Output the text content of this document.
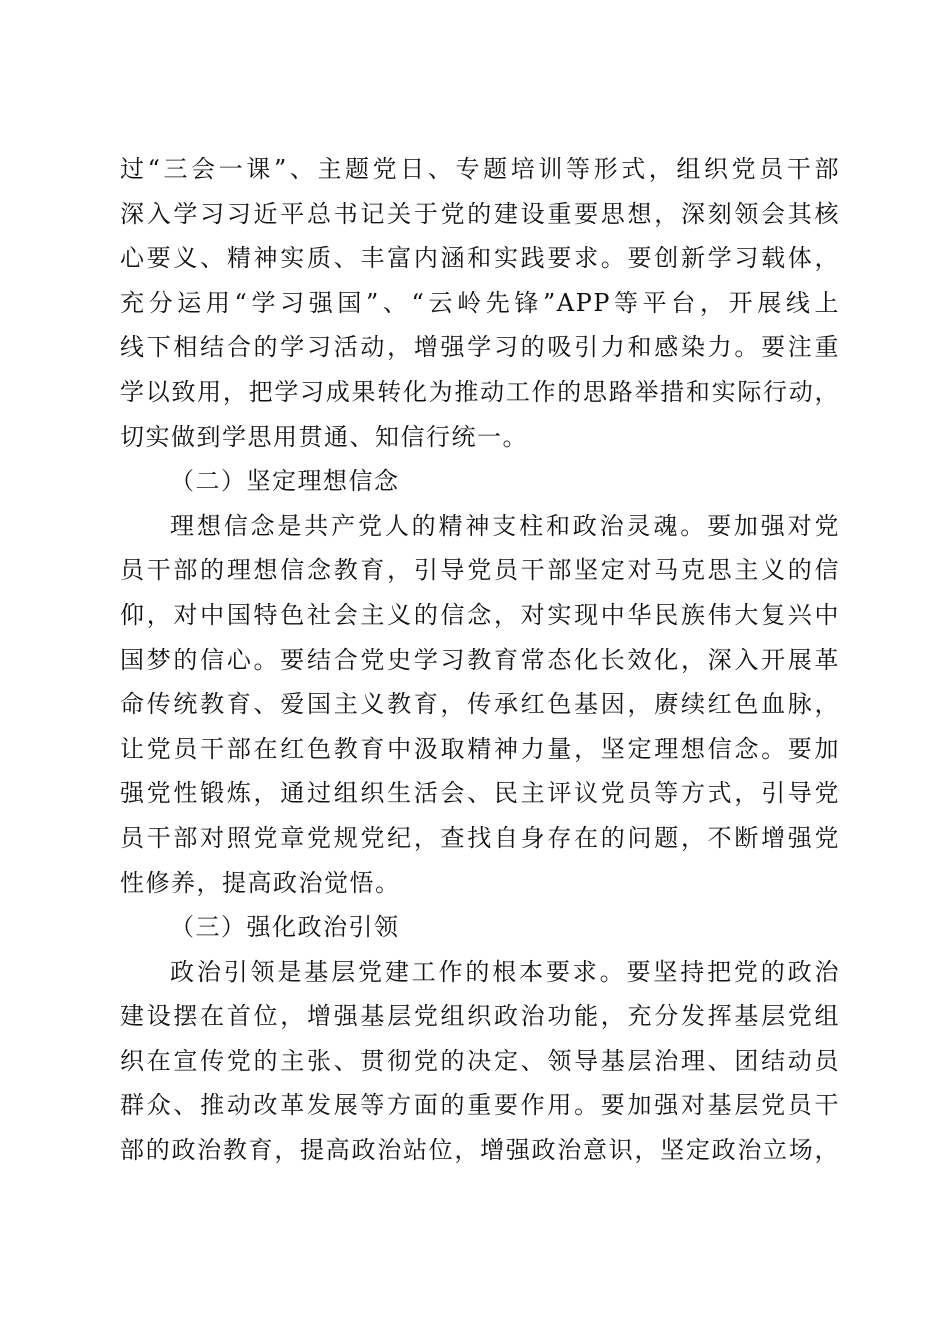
过“三会一课”、主题党日、专题培训等形式，组织党员干部
深入学习习近平总书记关于党的建设重要思想，深刻领会其核
心要义、精神实质、丰富内涵和实践要求。要创新学习载体，
充分运用“学习强国”、“云岭先锋”APP等平台，开展线上
线下相结合的学习活动，增强学习的吸引力和感染力。要注重
学以致用，把学习成果转化为推动工作的思路举措和实际行动，
切实做到学思用贯通、知信行统一。
（二）坚定理想信念
理想信念是共产党人的精神支柱和政治灵魂。要加强对党
员干部的理想信念教育，引导党员干部坚定对马克思主义的信
仰，对中国特色社会主义的信念，对实现中华民族伟大复兴中
国梦的信心。要结合党史学习教育常态化长效化，深入开展革
命传统教育、爱国主义教育，传承红色基因，赓续红色血脉，
让党员干部在红色教育中汲取精神力量，坚定理想信念。要加
强党性锻炼，通过组织生活会、民主评议党员等方式，引导党
员干部对照党章党规党纪，查找自身存在的问题，不断增强党
性修养，提高政治觉悟。
（三）强化政治引领
政治引领是基层党建工作的根本要求。要坚持把党的政治
建设摆在首位，增强基层党组织政治功能，充分发挥基层党组
织在宣传党的主张、贯彻党的决定、领导基层治理、团结动员
群众、推动改革发展等方面的重要作用。要加强对基层党员干
部的政治教育，提高政治站位，增强政治意识，坚定政治立场，
